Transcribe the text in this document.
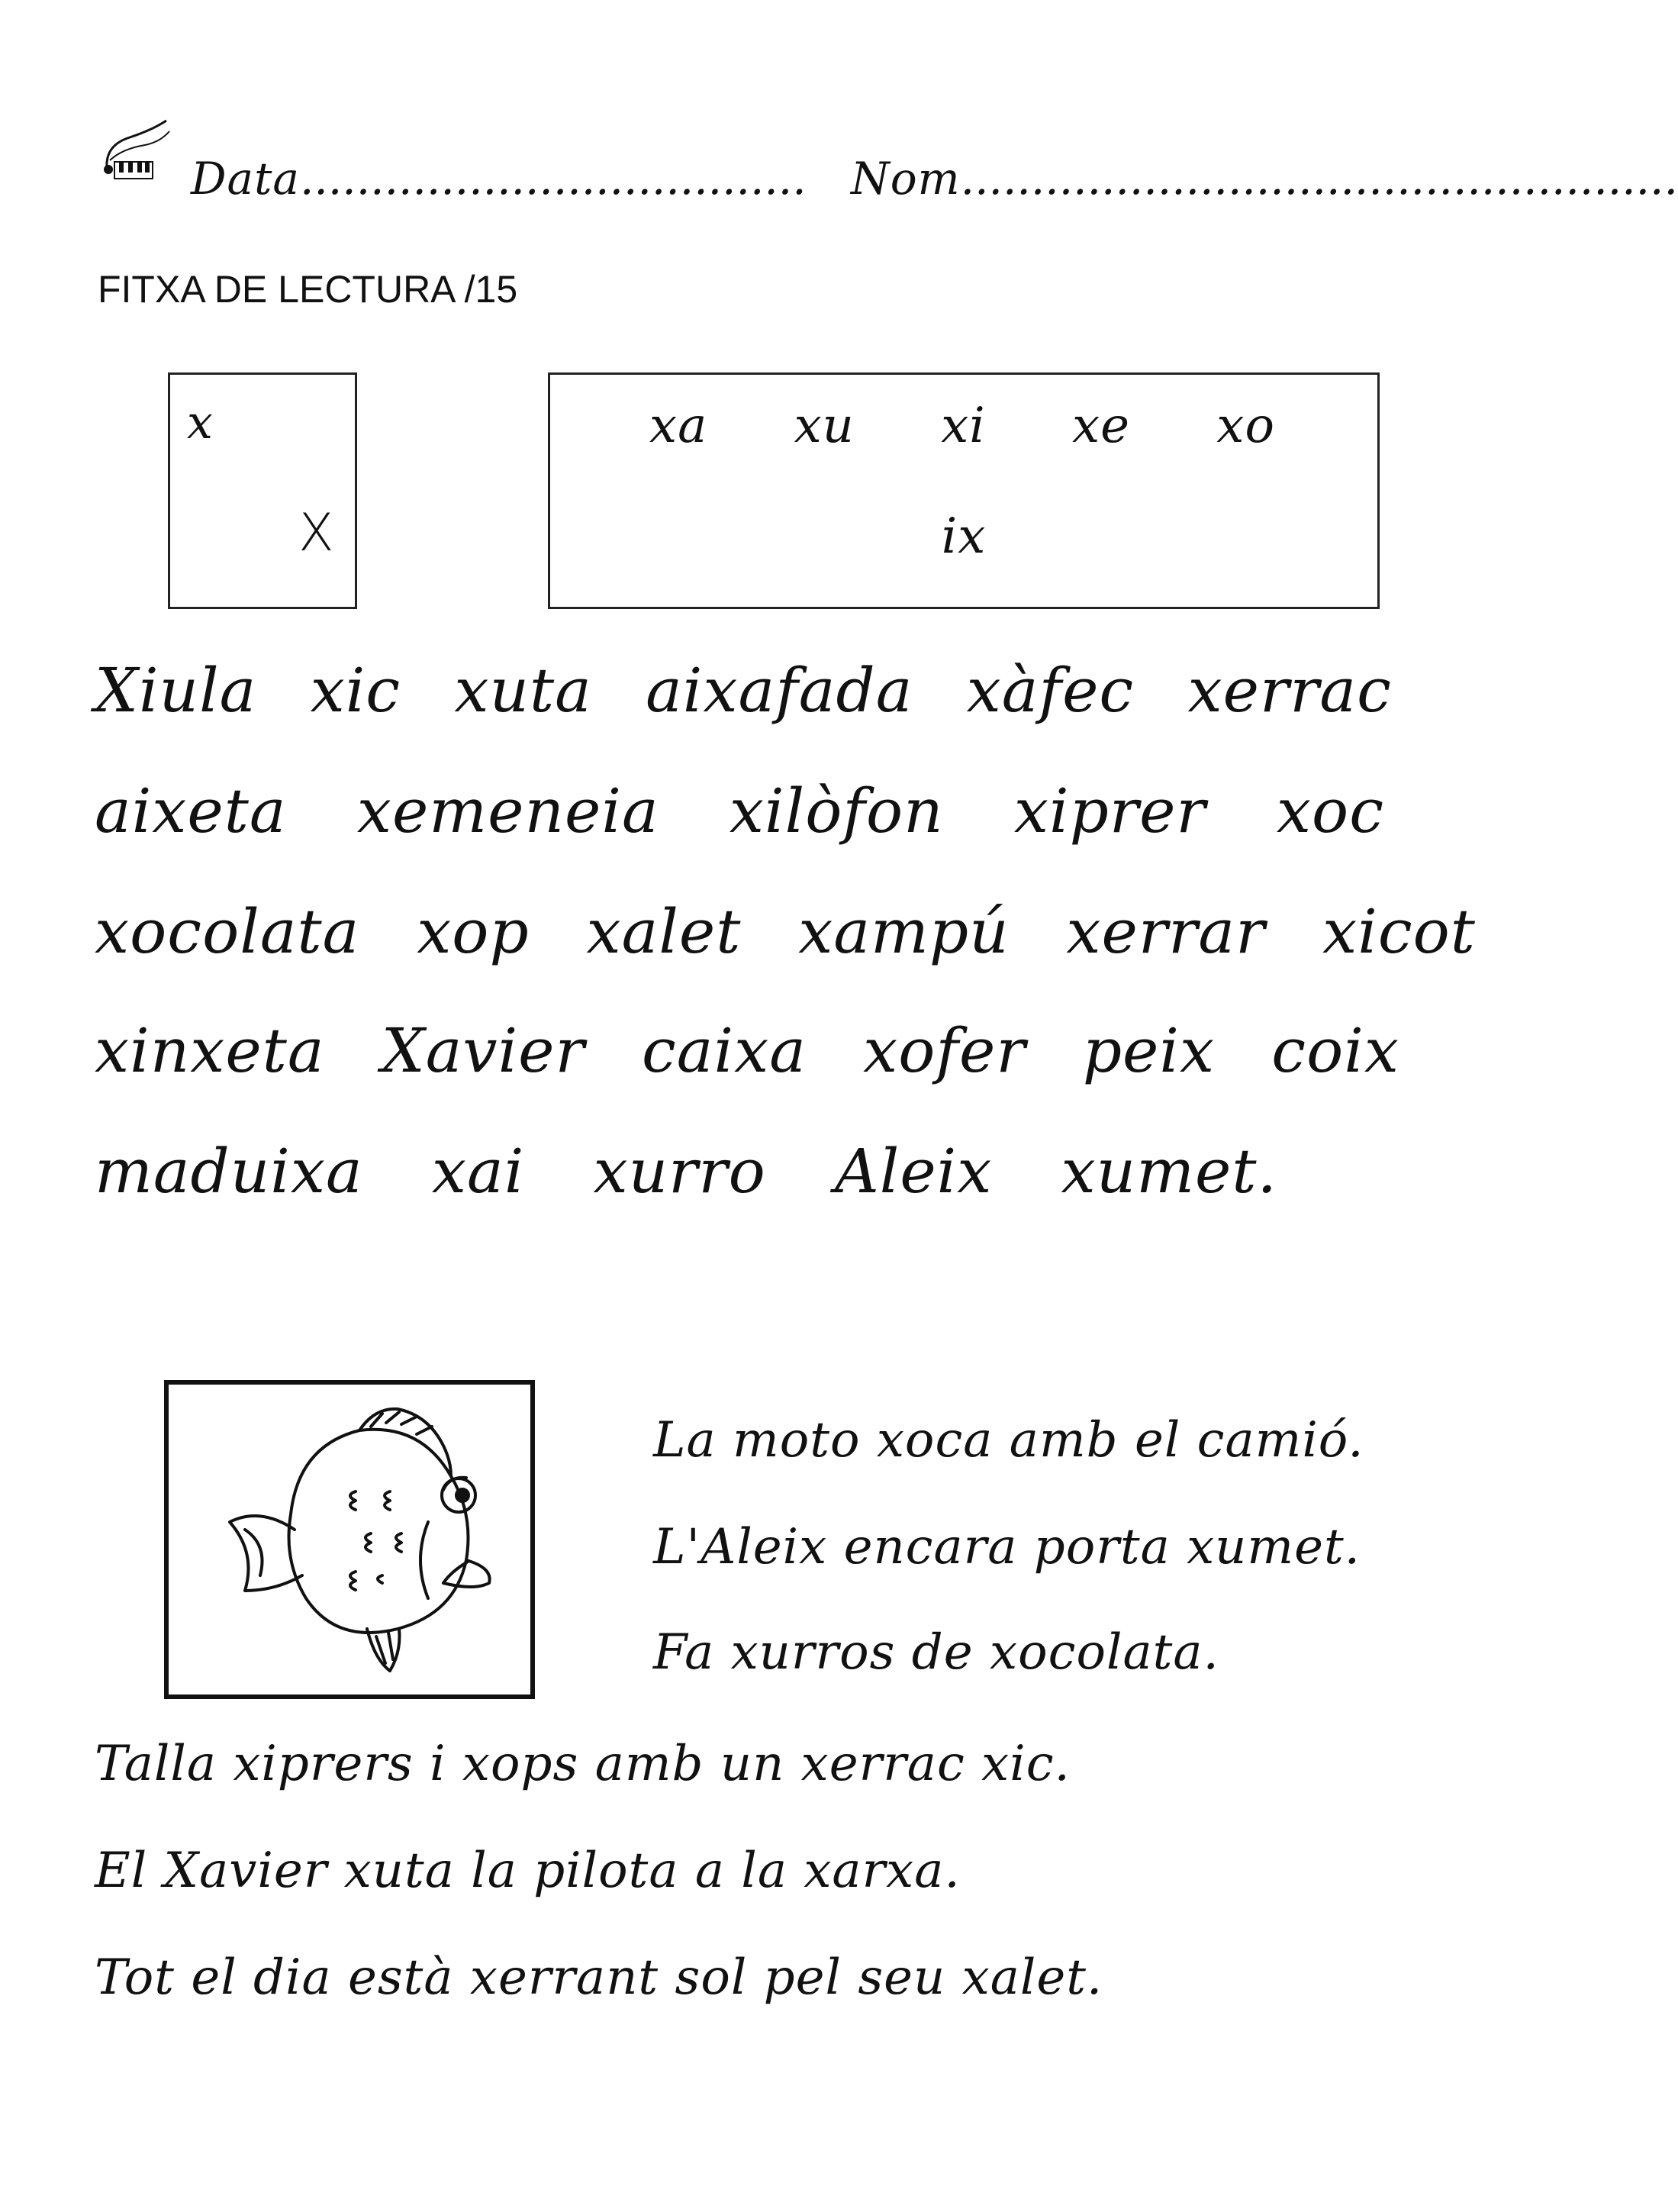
Data.................................... Nom...................................................
FITXA DE LECTURA /15
x
X
xa xu xi xe xo
ix
Xiula xic xuta aixafada xàfec xerrac
aixeta xemeneia xilòfon xiprer xoc
xocolata xop xalet xampú xerrar xicot
xinxeta Xavier caixa xofer peix coix
maduixa xai xurro Aleix xumet.
La moto xoca amb el camió.
L'Aleix encara porta xumet.
Fa xurros de xocolata.
Talla xiprers i xops amb un xerrac xic.
El Xavier xuta la pilota a la xarxa.
Tot el dia està xerrant sol pel seu xalet.
